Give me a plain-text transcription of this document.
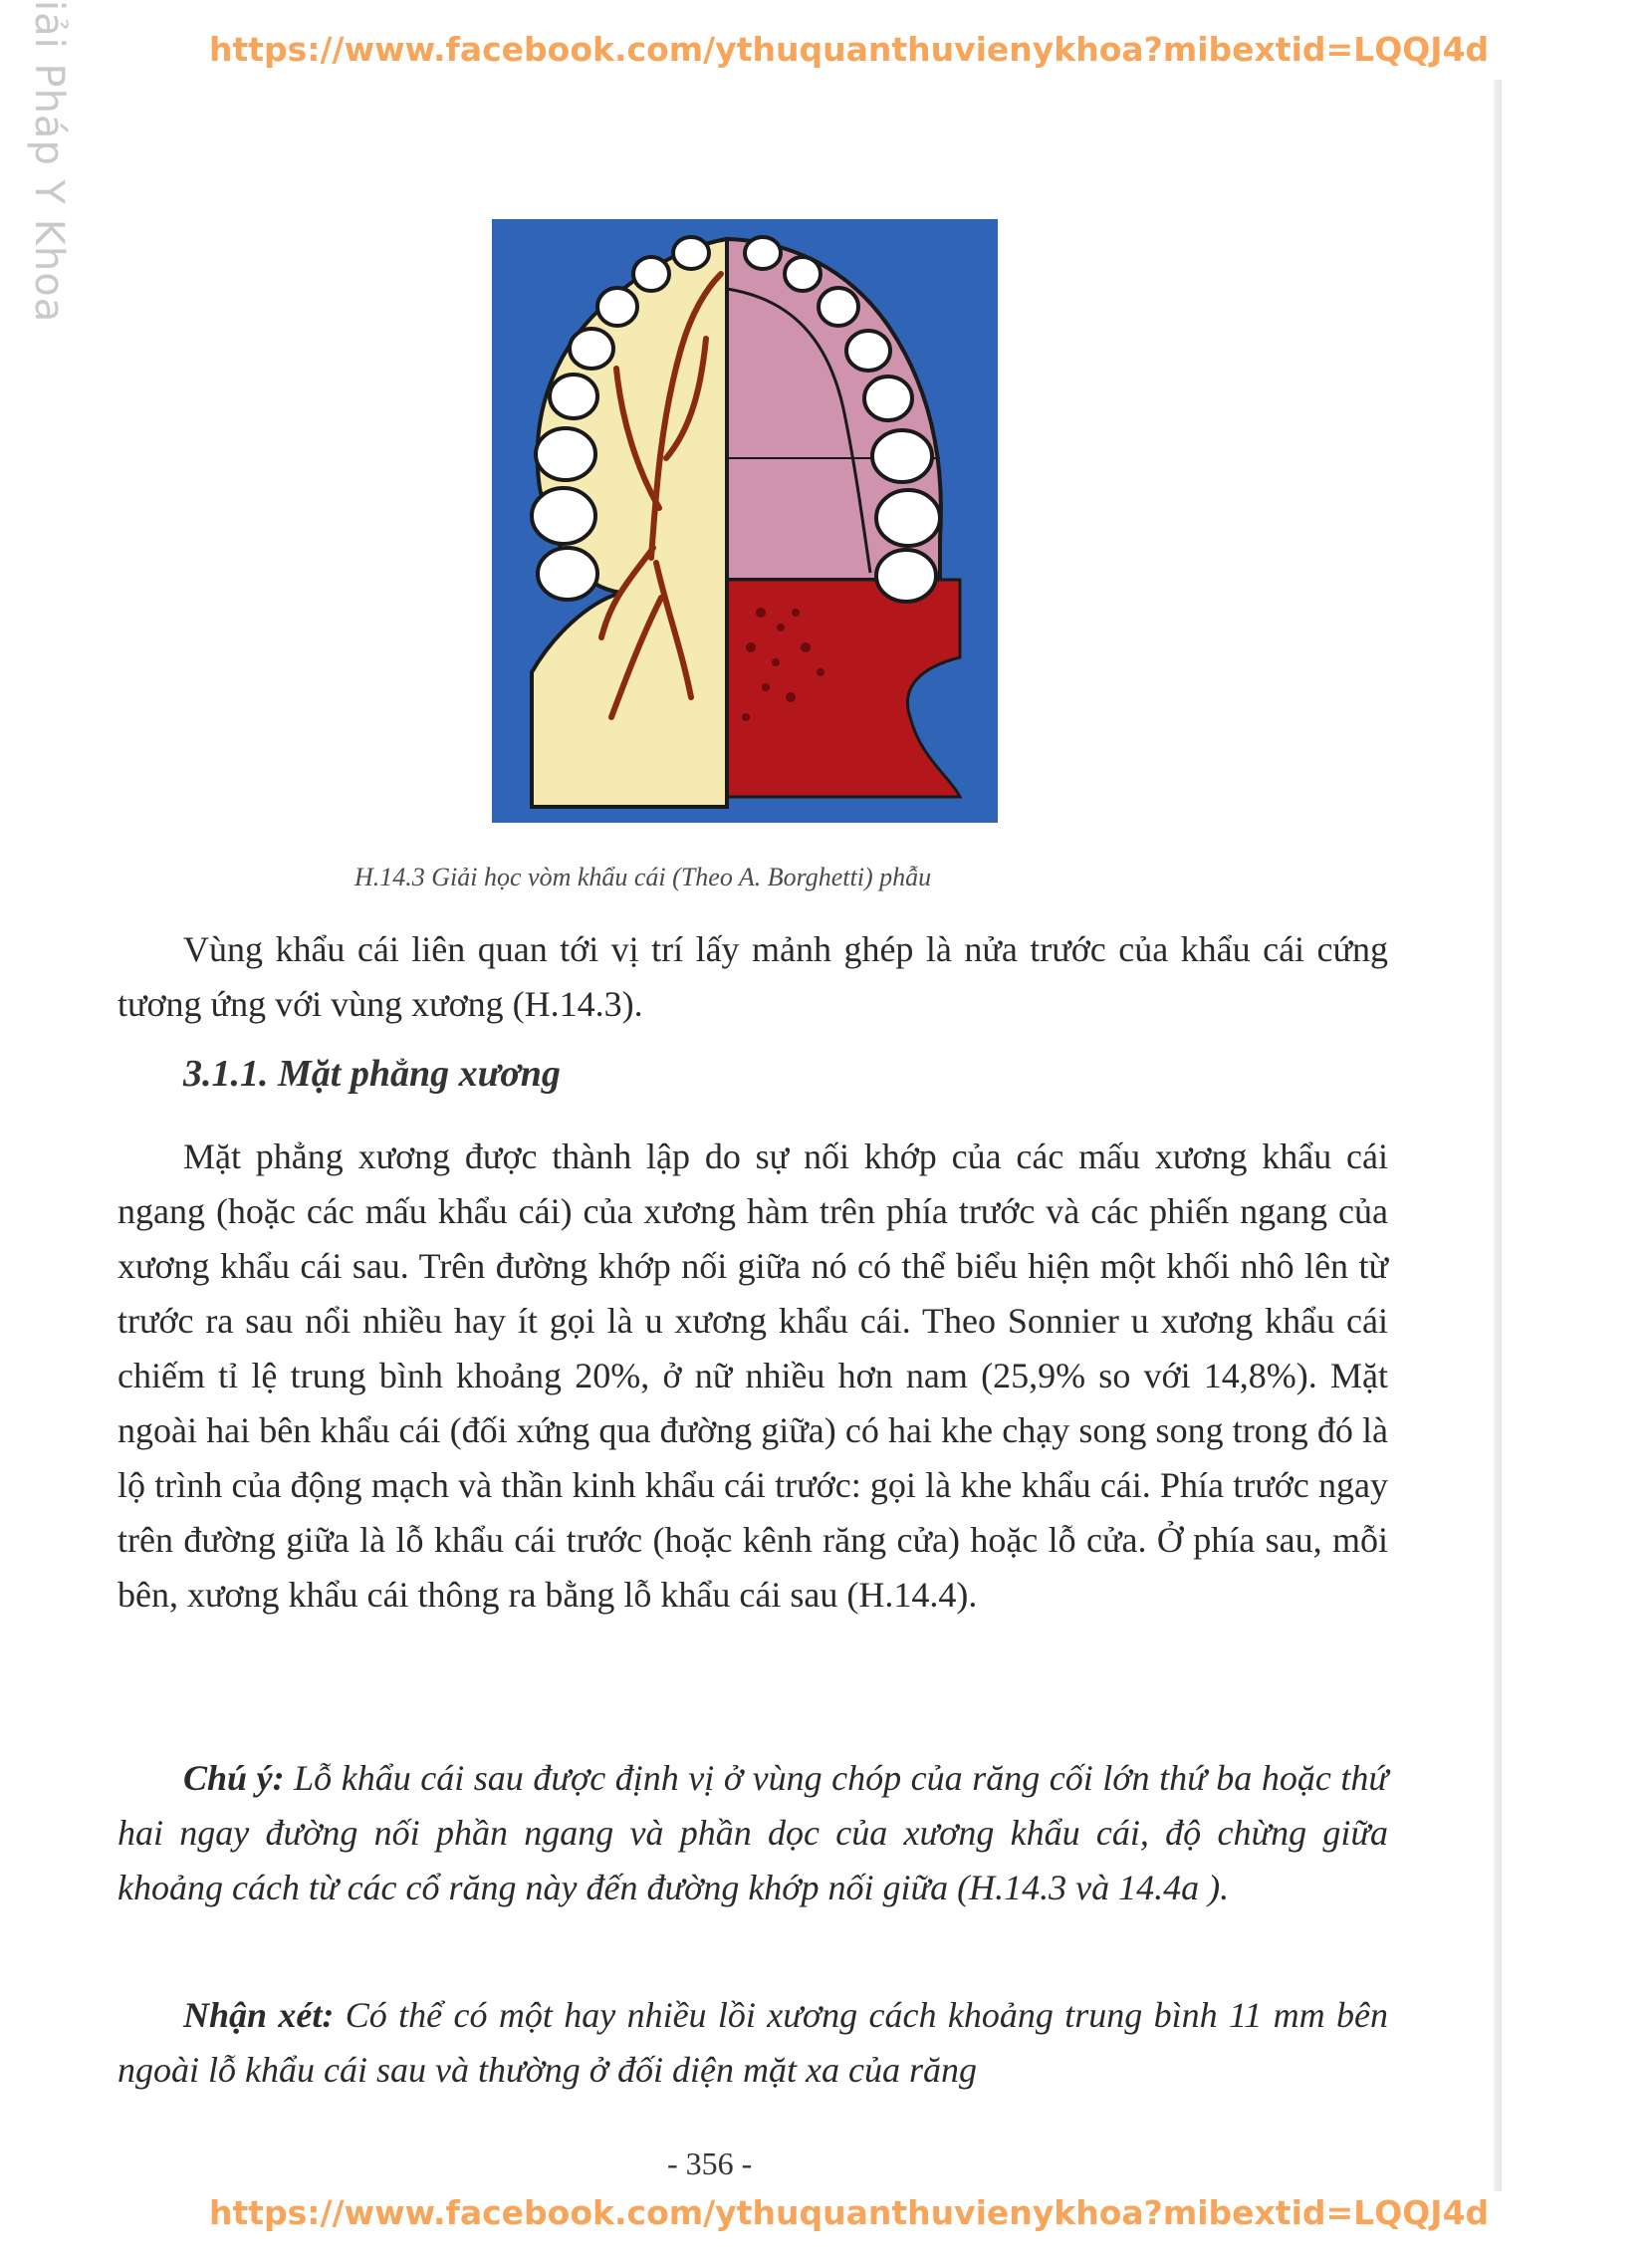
iải Pháp Y Khoa	https://www.facebook.com/ythuquanthuvienykhoa?mibextid=LQQJ4d
H.14.3 Giải học vòm khẩu cái (Theo A. Borghetti) phẫu

Vùng khẩu cái liên quan tới vị trí lấy mảnh ghép là nửa trước của khẩu cái cứng tương ứng với vùng xương (H.14.3).

3.1.1. Mặt phẳng xương

Mặt phẳng xương được thành lập do sự nối khớp của các mấu xương khẩu cái ngang (hoặc các mấu khẩu cái) của xương hàm trên phía trước và các phiến ngang của xương khẩu cái sau. Trên đường khớp nối giữa nó có thể biểu hiện một khối nhô lên từ trước ra sau nổi nhiều hay ít gọi là u xương khẩu cái. Theo Sonnier u xương khẩu cái chiếm tỉ lệ trung bình khoảng 20%, ở nữ nhiều hơn nam (25,9% so với 14,8%). Mặt ngoài hai bên khẩu cái (đối xứng qua đường giữa) có hai khe chạy song song trong đó là lộ trình của động mạch và thần kinh khẩu cái trước: gọi là khe khẩu cái. Phía trước ngay trên đường giữa là lỗ khẩu cái trước (hoặc kênh răng cửa) hoặc lỗ cửa. Ở phía sau, mỗi bên, xương khẩu cái thông ra bằng lỗ khẩu cái sau (H.14.4).

Chú ý: Lỗ khẩu cái sau được định vị ở vùng chóp của răng cối lớn thứ ba hoặc thứ hai ngay đường nối phần ngang và phần dọc của xương khẩu cái, độ chừng giữa khoảng cách từ các cổ răng này đến đường khớp nối giữa (H.14.3 và 14.4a ).

Nhận xét: Có thể có một hay nhiều lồi xương cách khoảng trung bình 11 mm bên ngoài lỗ khẩu cái sau và thường ở đối diện mặt xa của răng

- 356 -
https://www.facebook.com/ythuquanthuvienykhoa?mibextid=LQQJ4d
